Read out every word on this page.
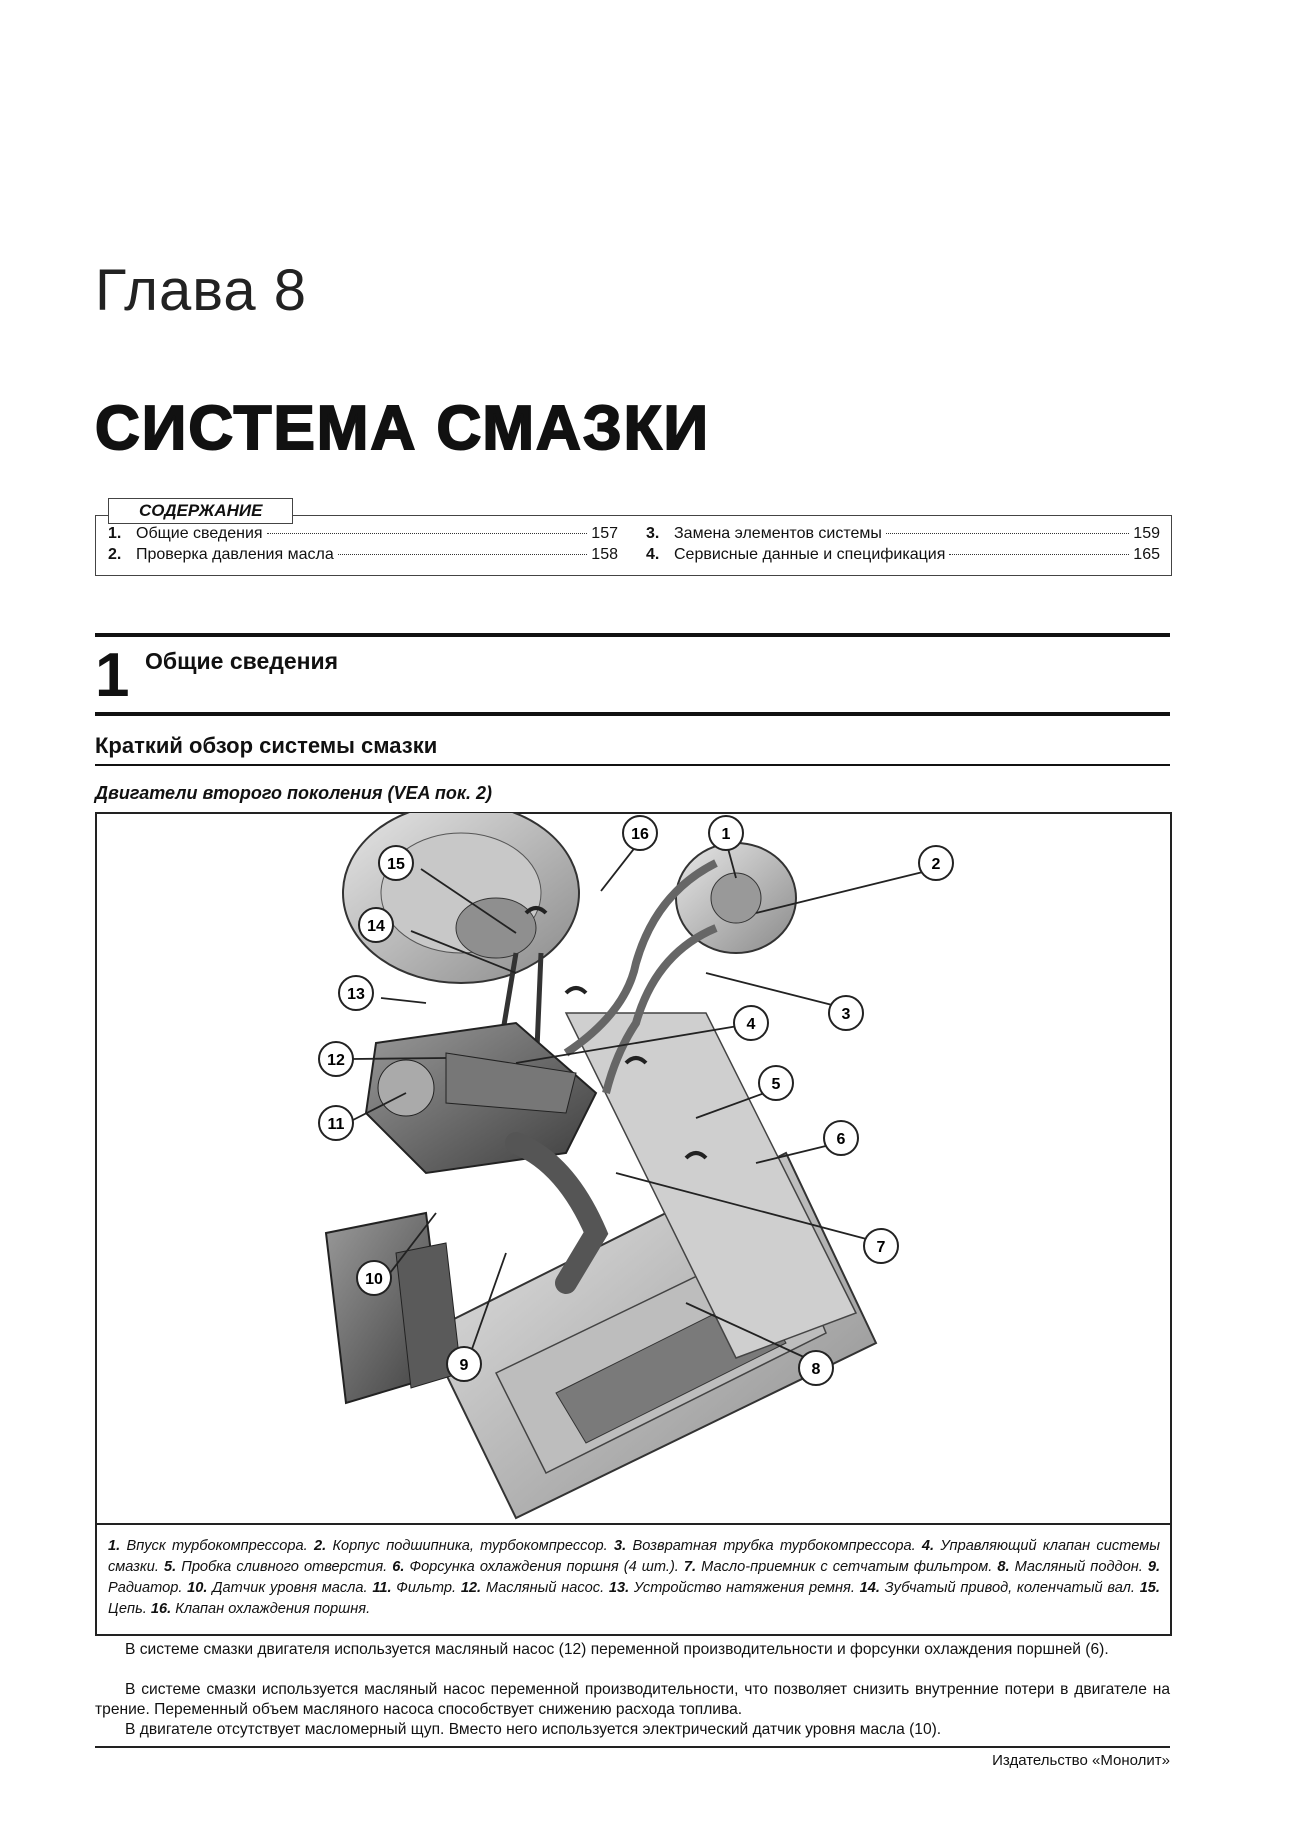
Глава 8
СИСТЕМА СМАЗКИ
1. Общие сведения	157
2. Проверка давления масла	158
3. Замена элементов системы	159
4. Сервисные данные и спецификация	165
СОДЕРЖАНИЕ
1 Общие сведения
Краткий обзор системы смазки
Двигатели второго поколения (VEA пок. 2)
16	1
2
15
14
3
13
4
12
5
11
6
7
10
9	8
1. Впуск турбокомпрессора. 2. Корпус подшипника, турбокомпрессор. 3. Возвратная трубка турбокомпрессора. 4. Управляющий клапан системы смазки. 5. Пробка сливного отверстия. 6. Форсунка охлаждения поршня (4 шт.). 7. Масло-приемник с сетчатым фильтром. 8. Масляный поддон. 9. Радиатор. 10. Датчик уровня масла. 11. Фильтр. 12. Масляный насос. 13. Устройство натяжения ремня. 14. Зубчатый привод, коленчатый вал. 15. Цепь. 16. Клапан охлаждения поршня.
В системе смазки двигателя используется масляный насос (12) переменной производительности и форсунки охлаждения поршней (6).
В системе смазки используется масляный насос переменной производительности, что позволяет снизить внутренние потери в двигателе на трение. Переменный объем масляного насоса способствует снижению расхода топлива.
В двигателе отсутствует масломерный щуп. Вместо него используется электрический датчик уровня масла (10).
Издательство «Монолит»
